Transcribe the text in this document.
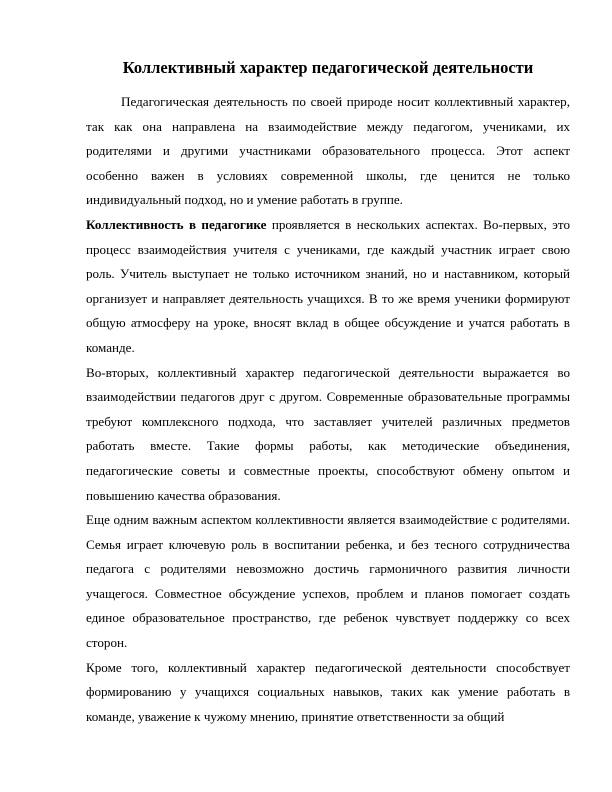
Коллективный характер педагогической деятельности

Педагогическая деятельность по своей природе носит коллективный характер, так как она направлена на взаимодействие между педагогом, учениками, их родителями и другими участниками образовательного процесса. Этот аспект особенно важен в условиях современной школы, где ценится не только индивидуальный подход, но и умение работать в группе.

Коллективность в педагогике проявляется в нескольких аспектах. Во-первых, это процесс взаимодействия учителя с учениками, где каждый участник играет свою роль. Учитель выступает не только источником знаний, но и наставником, который организует и направляет деятельность учащихся. В то же время ученики формируют общую атмосферу на уроке, вносят вклад в общее обсуждение и учатся работать в команде.

Во-вторых, коллективный характер педагогической деятельности выражается во взаимодействии педагогов друг с другом. Современные образовательные программы требуют комплексного подхода, что заставляет учителей различных предметов работать вместе. Такие формы работы, как методические объединения, педагогические советы и совместные проекты, способствуют обмену опытом и повышению качества образования.

Еще одним важным аспектом коллективности является взаимодействие с родителями. Семья играет ключевую роль в воспитании ребенка, и без тесного сотрудничества педагога с родителями невозможно достичь гармоничного развития личности учащегося. Совместное обсуждение успехов, проблем и планов помогает создать единое образовательное пространство, где ребенок чувствует поддержку со всех сторон.

Кроме того, коллективный характер педагогической деятельности способствует формированию у учащихся социальных навыков, таких как умение работать в команде, уважение к чужому мнению, принятие ответственности за общий
